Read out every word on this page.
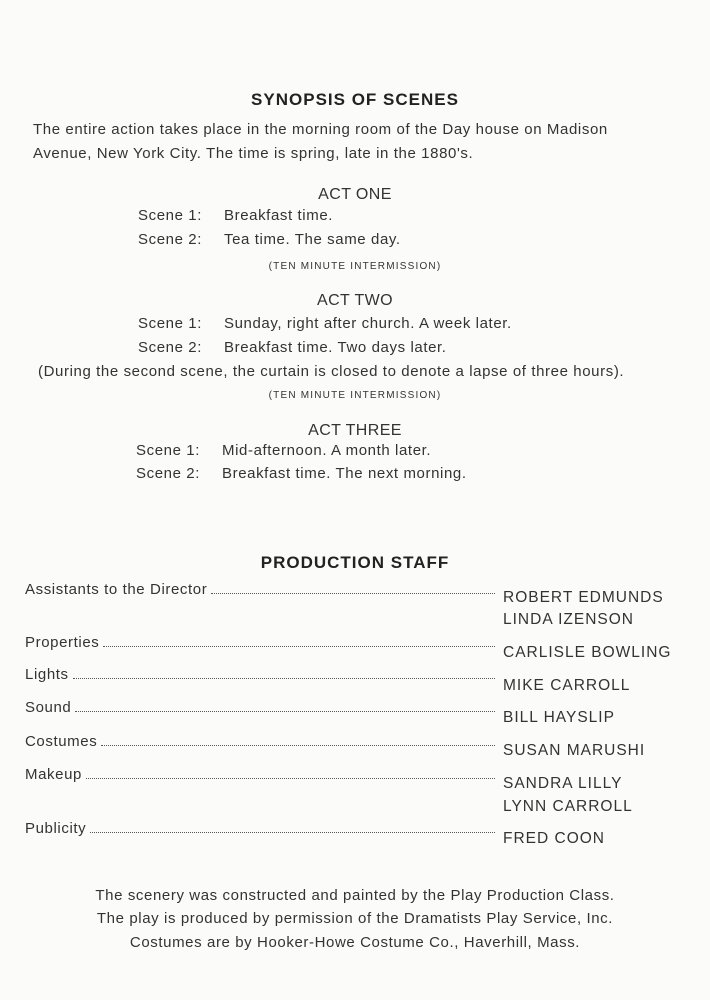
SYNOPSIS OF SCENES
The entire action takes place in the morning room of the Day house on Madison
Avenue, New York City. The time is spring, late in the 1880's.
ACT ONE
Scene 1: Breakfast time.
Scene 2: Tea time. The same day.
(TEN MINUTE INTERMISSION)
ACT TWO
Scene 1: Sunday, right after church. A week later.
Scene 2: Breakfast time. Two days later.
(During the second scene, the curtain is closed to denote a lapse of three hours).
(TEN MINUTE INTERMISSION)
ACT THREE
Scene 1: Mid-afternoon. A month later.
Scene 2: Breakfast time. The next morning.
PRODUCTION STAFF
Assistants to the Director	ROBERT EDMUNDS
LINDA IZENSON
Properties
CARLISLE BOWLING
Lights
MIKE CARROLL
Sound
BILL HAYSLIP
Costumes
SUSAN MARUSHI
Makeup
SANDRA LILLY
LYNN CARROLL
Publicity
FRED COON
The scenery was constructed and painted by the Play Production Class.
The play is produced by permission of the Dramatists Play Service, Inc.
Costumes are by Hooker-Howe Costume Co., Haverhill, Mass.
